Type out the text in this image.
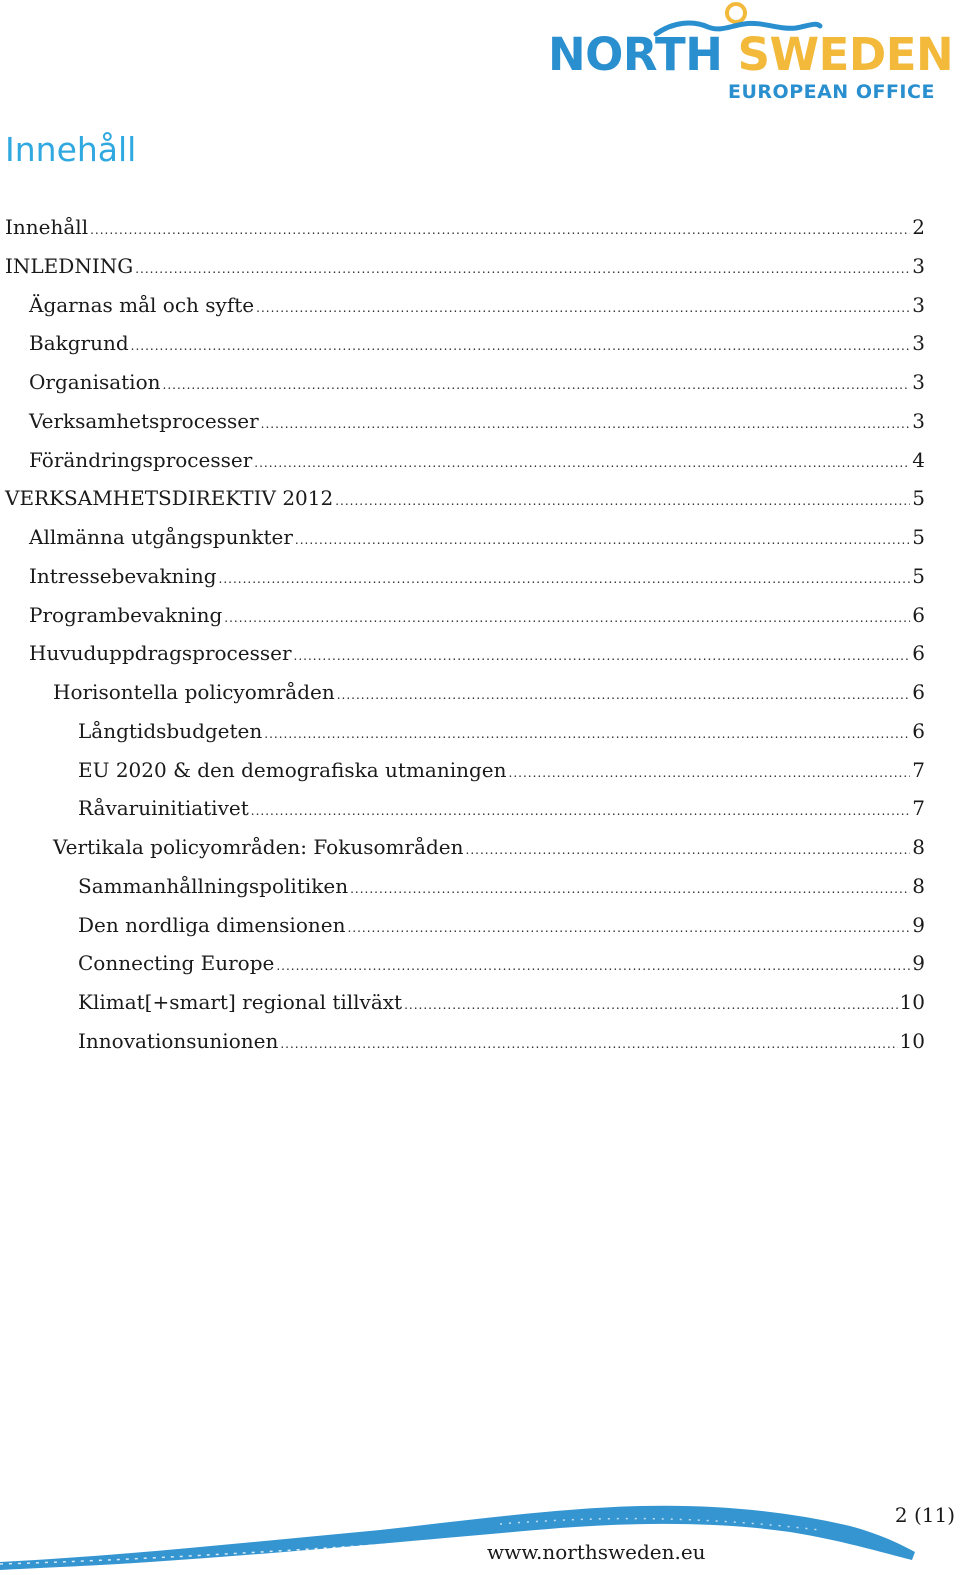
NORTH SWEDEN
EUROPEAN OFFICE
Innehåll
Innehåll .....	2
INLEDNING .....	3
Ägarnas mål och syfte .....	3
Bakgrund .....	3
Organisation .....	3
Verksamhetsprocesser .....	3
Förändringsprocesser .....	4
VERKSAMHETSDIREKTIV 2012 .....	5
Allmänna utgångspunkter .....	5
Intressebevakning .....	5
Programbevakning .....	6
Huvuduppdragsprocesser .....	6
Horisontella policyområden .....	6
Långtidsbudgeten .....	6
EU 2020 & den demografiska utmaningen .....	7
Råvaruinitiativet .....	7
Vertikala policyområden: Fokusområden .....	8
Sammanhållningspolitiken .....	8
Den nordliga dimensionen .....	9
Connecting Europe .....	9
Klimat[+smart] regional tillväxt .....	10
Innovationsunionen .....	10
2 (11)
www.northsweden.eu
